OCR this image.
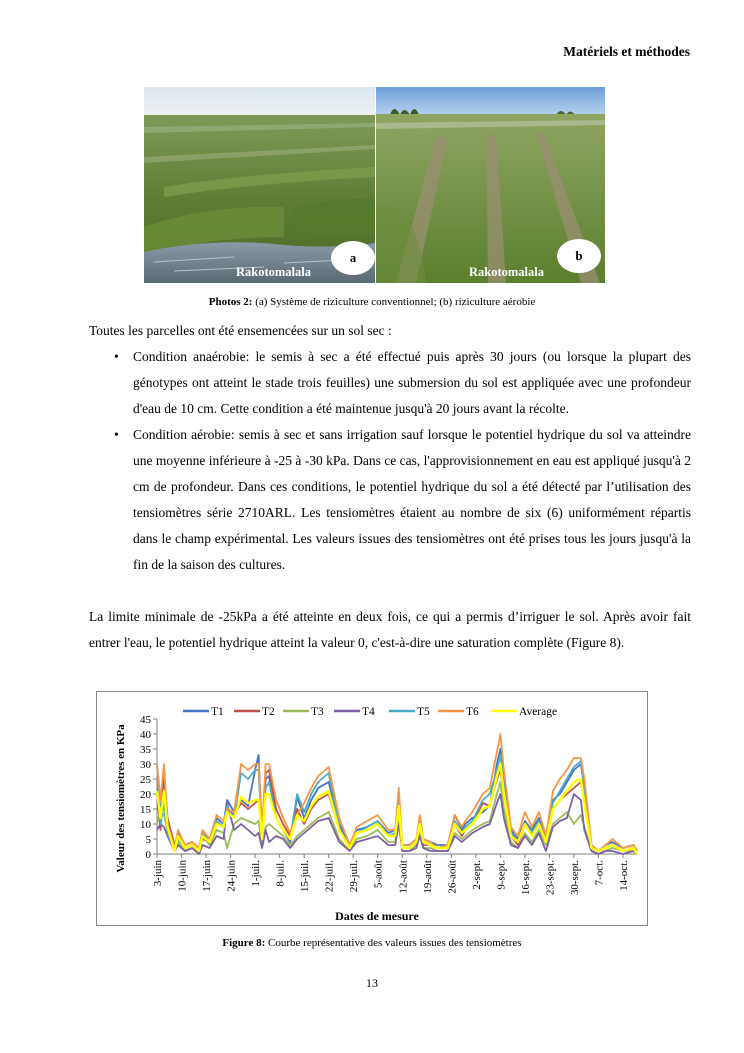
Matériels et méthodes
a
Rakotomalala
b
Rakotomalala
Photos 2: (a) Système de riziculture conventionnel; (b) riziculture aérobie
Toutes les parcelles ont été ensemencées sur un sol sec :
• Condition anaérobie: le semis à sec a été effectué puis après 30 jours (ou lorsque la plupart des génotypes ont atteint le stade trois feuilles) une submersion du sol est appliquée avec une profondeur d'eau de 10 cm. Cette condition a été maintenue jusqu'à 20 jours avant la récolte.
• Condition aérobie: semis à sec et sans irrigation sauf lorsque le potentiel hydrique du sol va atteindre une moyenne inférieure à -25 à -30 kPa. Dans ce cas, l'approvisionnement en eau est appliqué jusqu'à 2 cm de profondeur. Dans ces conditions, le potentiel hydrique du sol a été détecté par l’utilisation des tensiomètres série 2710ARL. Les tensiomètres étaient au nombre de six (6) uniformément répartis dans le champ expérimental. Les valeurs issues des tensiomètres ont été prises tous les jours jusqu'à la fin de la saison des cultures.
La limite minimale de -25kPa a été atteinte en deux fois, ce qui a permis d’irriguer le sol. Après avoir fait entrer l'eau, le potentiel hydrique atteint la valeur 0, c'est-à-dire une saturation complète (Figure 8).
0
5
10
15
20
25
30
35
40
45
3-juin 10-juin 17-juin 24-juin 1-juil. 8-juil. 15-juil. 22-juil. 29-juil. 5-août 12-août 19-août 26-août 2-sept. 9-sept. 16-sept. 23-sept. 30-sept. 7-oct. 14-oct.
T1	T2	T3	T4	T5	T6	Average
Valeur des tensiomètres en KPa
Dates de mesure
Figure 8: Courbe représentative des valeurs issues des tensiomètres
13
